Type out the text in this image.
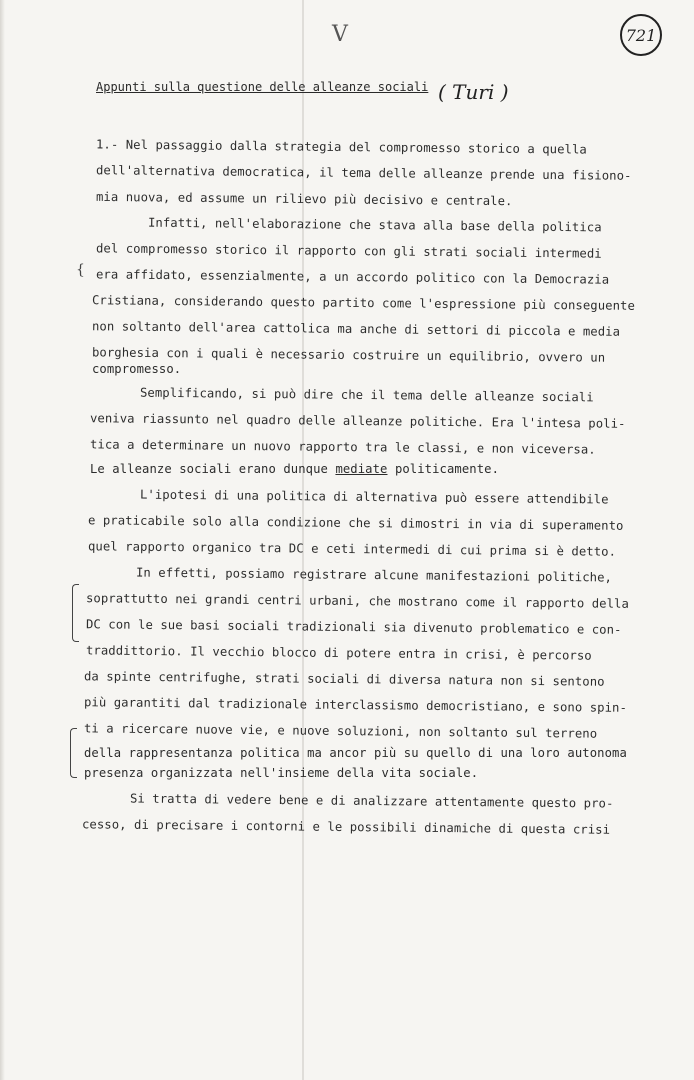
V	721
Appunti sulla questione delle alleanze sociali ( Turi )
1.- Nel passaggio dalla strategia del compromesso storico a quella
dell'alternativa democratica, il tema delle alleanze prende una fisiono-
mia nuova, ed assume un rilievo più decisivo e centrale.
Infatti, nell'elaborazione che stava alla base della politica
del compromesso storico il rapporto con gli strati sociali intermedi
era affidato, essenzialmente, a un accordo politico con la Democrazia
Cristiana, considerando questo partito come l'espressione più conseguente
non soltanto dell'area cattolica ma anche di settori di piccola e media
borghesia con i quali è necessario costruire un equilibrio, ovvero un
compromesso.
Semplificando, si può dire che il tema delle alleanze sociali
veniva riassunto nel quadro delle alleanze politiche. Era l'intesa poli-
tica a determinare un nuovo rapporto tra le classi, e non viceversa.
Le alleanze sociali erano dunque mediate politicamente.
L'ipotesi di una politica di alternativa può essere attendibile
e praticabile solo alla condizione che si dimostri in via di superamento
quel rapporto organico tra DC e ceti intermedi di cui prima si è detto.
In effetti, possiamo registrare alcune manifestazioni politiche,
soprattutto nei grandi centri urbani, che mostrano come il rapporto della
DC con le sue basi sociali tradizionali sia divenuto problematico e con-
traddittorio. Il vecchio blocco di potere entra in crisi, è percorso
da spinte centrifughe, strati sociali di diversa natura non si sentono
più garantiti dal tradizionale interclassismo democristiano, e sono spin-
ti a ricercare nuove vie, e nuove soluzioni, non soltanto sul terreno
della rappresentanza politica ma ancor più su quello di una loro autonoma
presenza organizzata nell'insieme della vita sociale.
Si tratta di vedere bene e di analizzare attentamente questo pro-
cesso, di precisare i contorni e le possibili dinamiche di questa crisi
{
